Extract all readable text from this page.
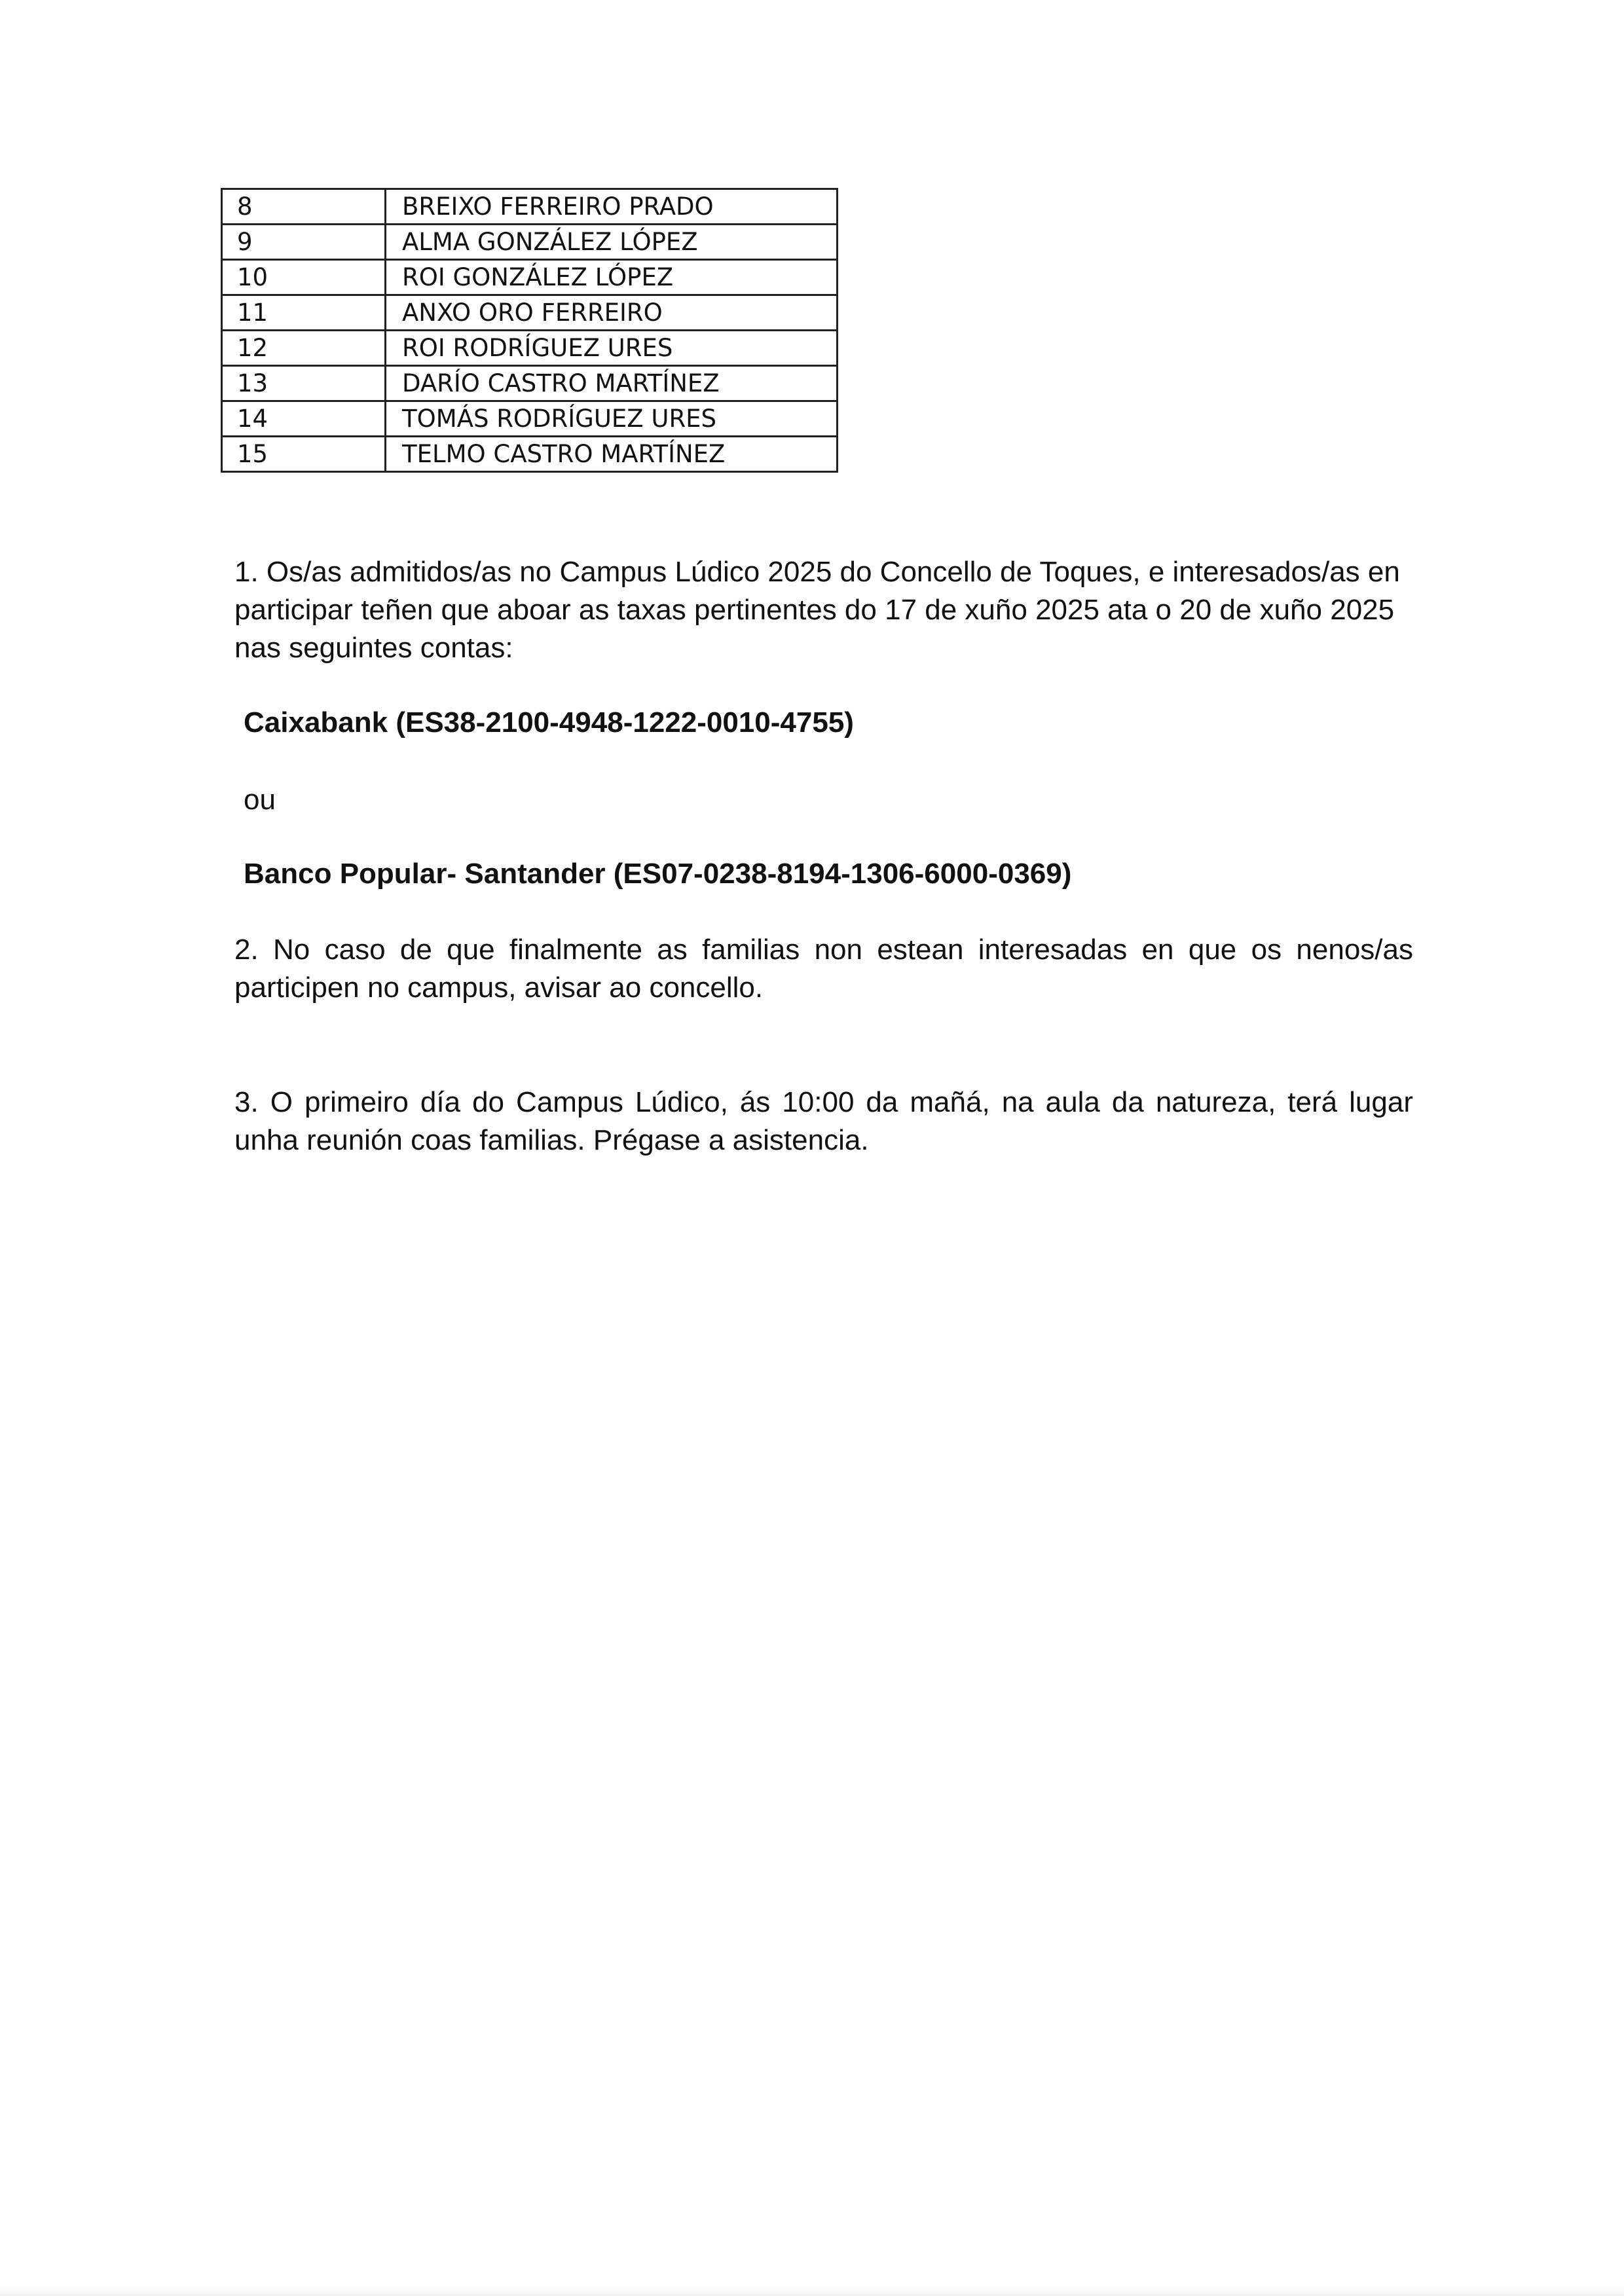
8	BREIXO FERREIRO PRADO
9	ALMA GONZÁLEZ LÓPEZ
10	ROI GONZÁLEZ LÓPEZ
11	ANXO ORO FERREIRO
12	ROI RODRÍGUEZ URES
13	DARÍO CASTRO MARTÍNEZ
14	TOMÁS RODRÍGUEZ URES
15	TELMO CASTRO MARTÍNEZ

1. Os/as admitidos/as no Campus Lúdico 2025 do Concello de Toques, e interesados/as en participar teñen que aboar as taxas pertinentes do 17 de xuño 2025 ata o 20 de xuño 2025 nas seguintes contas:

Caixabank (ES38-2100-4948-1222-0010-4755)

ou

Banco Popular- Santander (ES07-0238-8194-1306-6000-0369)

2. No caso de que finalmente as familias non estean interesadas en que os nenos/as participen no campus, avisar ao concello.

3. O primeiro día do Campus Lúdico, ás 10:00 da mañá, na aula da natureza, terá lugar unha reunión coas familias. Prégase a asistencia.
